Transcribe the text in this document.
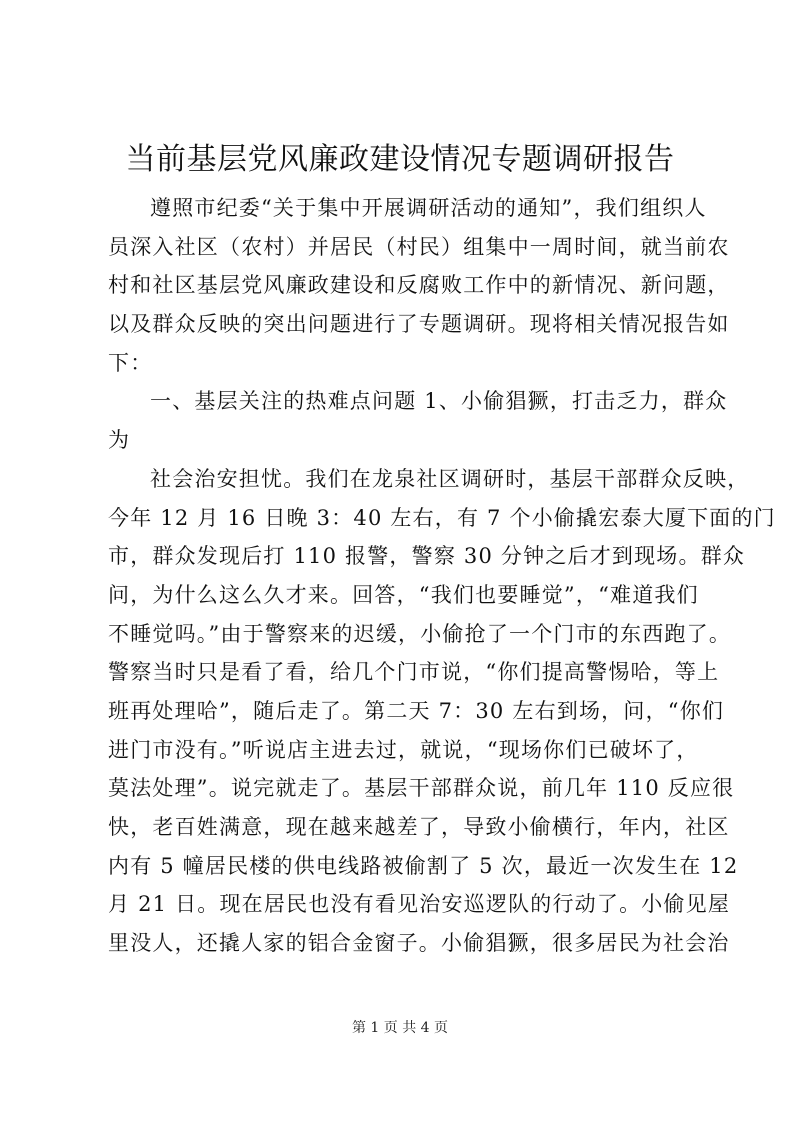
当前基层党风廉政建设情况专题调研报告
遵照市纪委“关于集中开展调研活动的通知”，我们组织人
员深入社区（农村）并居民（村民）组集中一周时间，就当前农
村和社区基层党风廉政建设和反腐败工作中的新情况、新问题，
以及群众反映的突出问题进行了专题调研。现将相关情况报告如
下：
一、基层关注的热难点问题 1、小偷猖獗，打击乏力，群众
为
社会治安担忧。我们在龙泉社区调研时，基层干部群众反映，
今年 12 月 16 日晚 3：40 左右，有 7 个小偷撬宏泰大厦下面的门
市，群众发现后打 110 报警，警察 30 分钟之后才到现场。群众
问，为什么这么久才来。回答，“我们也要睡觉”，“难道我们
不睡觉吗。”由于警察来的迟缓，小偷抢了一个门市的东西跑了。
警察当时只是看了看，给几个门市说，“你们提高警惕哈，等上
班再处理哈”，随后走了。第二天 7：30 左右到场，问，“你们
进门市没有。”听说店主进去过，就说，“现场你们已破坏了，
莫法处理”。说完就走了。基层干部群众说，前几年 110 反应很
快，老百姓满意，现在越来越差了，导致小偷横行，年内，社区
内有 5 幢居民楼的供电线路被偷割了 5 次，最近一次发生在 12
月 21 日。现在居民也没有看见治安巡逻队的行动了。小偷见屋
里没人，还撬人家的铝合金窗子。小偷猖獗，很多居民为社会治
第 1 页 共 4 页
